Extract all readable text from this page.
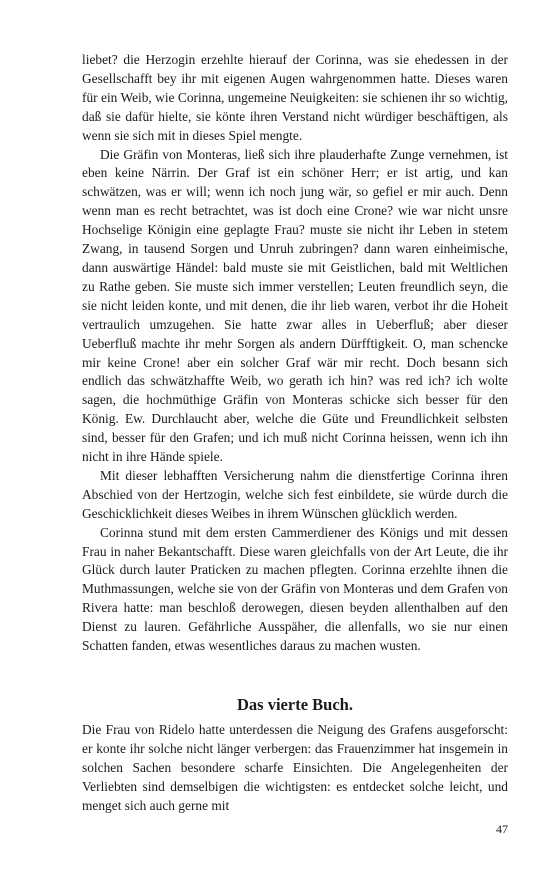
liebet? die Herzogin erzehlte hierauf der Corinna, was sie ehedessen in der Gesellschafft bey ihr mit eigenen Augen wahrgenommen hatte. Dieses waren für ein Weib, wie Corinna, ungemeine Neuigkeiten: sie schienen ihr so wichtig, daß sie dafür hielte, sie könte ihren Verstand nicht würdiger beschäftigen, als wenn sie sich mit in dieses Spiel mengte.

Die Gräfin von Monteras, ließ sich ihre plauderhafte Zunge vernehmen, ist eben keine Närrin. Der Graf ist ein schöner Herr; er ist artig, und kan schwätzen, was er will; wenn ich noch jung wär, so gefiel er mir auch. Denn wenn man es recht betrachtet, was ist doch eine Crone? wie war nicht unsre Hochselige Königin eine geplagte Frau? muste sie nicht ihr Leben in stetem Zwang, in tausend Sorgen und Unruh zubringen? dann waren einheimische, dann auswärtige Händel: bald muste sie mit Geistlichen, bald mit Weltlichen zu Rathe geben. Sie muste sich immer verstellen; Leuten freundlich seyn, die sie nicht leiden konte, und mit denen, die ihr lieb waren, verbot ihr die Hoheit vertraulich umzugehen. Sie hatte zwar alles in Ueberfluß; aber dieser Ueberfluß machte ihr mehr Sorgen als andern Dürfftigkeit. O, man schencke mir keine Crone! aber ein solcher Graf wär mir recht. Doch besann sich endlich das schwätzhaffte Weib, wo gerath ich hin? was red ich? ich wolte sagen, die hochmüthige Gräfin von Monteras schicke sich besser für den König. Ew. Durchlaucht aber, welche die Güte und Freundlichkeit selbsten sind, besser für den Grafen; und ich muß nicht Corinna heissen, wenn ich ihn nicht in ihre Hände spiele.

Mit dieser lebhafften Versicherung nahm die dienstfertige Corinna ihren Abschied von der Hertzogin, welche sich fest einbildete, sie würde durch die Geschicklichkeit dieses Weibes in ihrem Wünschen glücklich werden.

Corinna stund mit dem ersten Cammerdiener des Königs und mit dessen Frau in naher Bekantschafft. Diese waren gleichfalls von der Art Leute, die ihr Glück durch lauter Praticken zu machen pflegten. Corinna erzehlte ihnen die Muthmassungen, welche sie von der Gräfin von Monteras und dem Grafen von Rivera hatte: man beschloß derowegen, diesen beyden allenthalben auf den Dienst zu lauren. Gefährliche Ausspäher, die allenfalls, wo sie nur einen Schatten fanden, etwas wesentliches daraus zu machen wusten.

Das vierte Buch.

Die Frau von Ridelo hatte unterdessen die Neigung des Grafens ausgeforscht: er konte ihr solche nicht länger verbergen: das Frauenzimmer hat insgemein in solchen Sachen besondere scharfe Einsichten. Die Angelegenheiten der Verliebten sind demselbigen die wichtigsten: es entdecket solche leicht, und menget sich auch gerne mit

47
